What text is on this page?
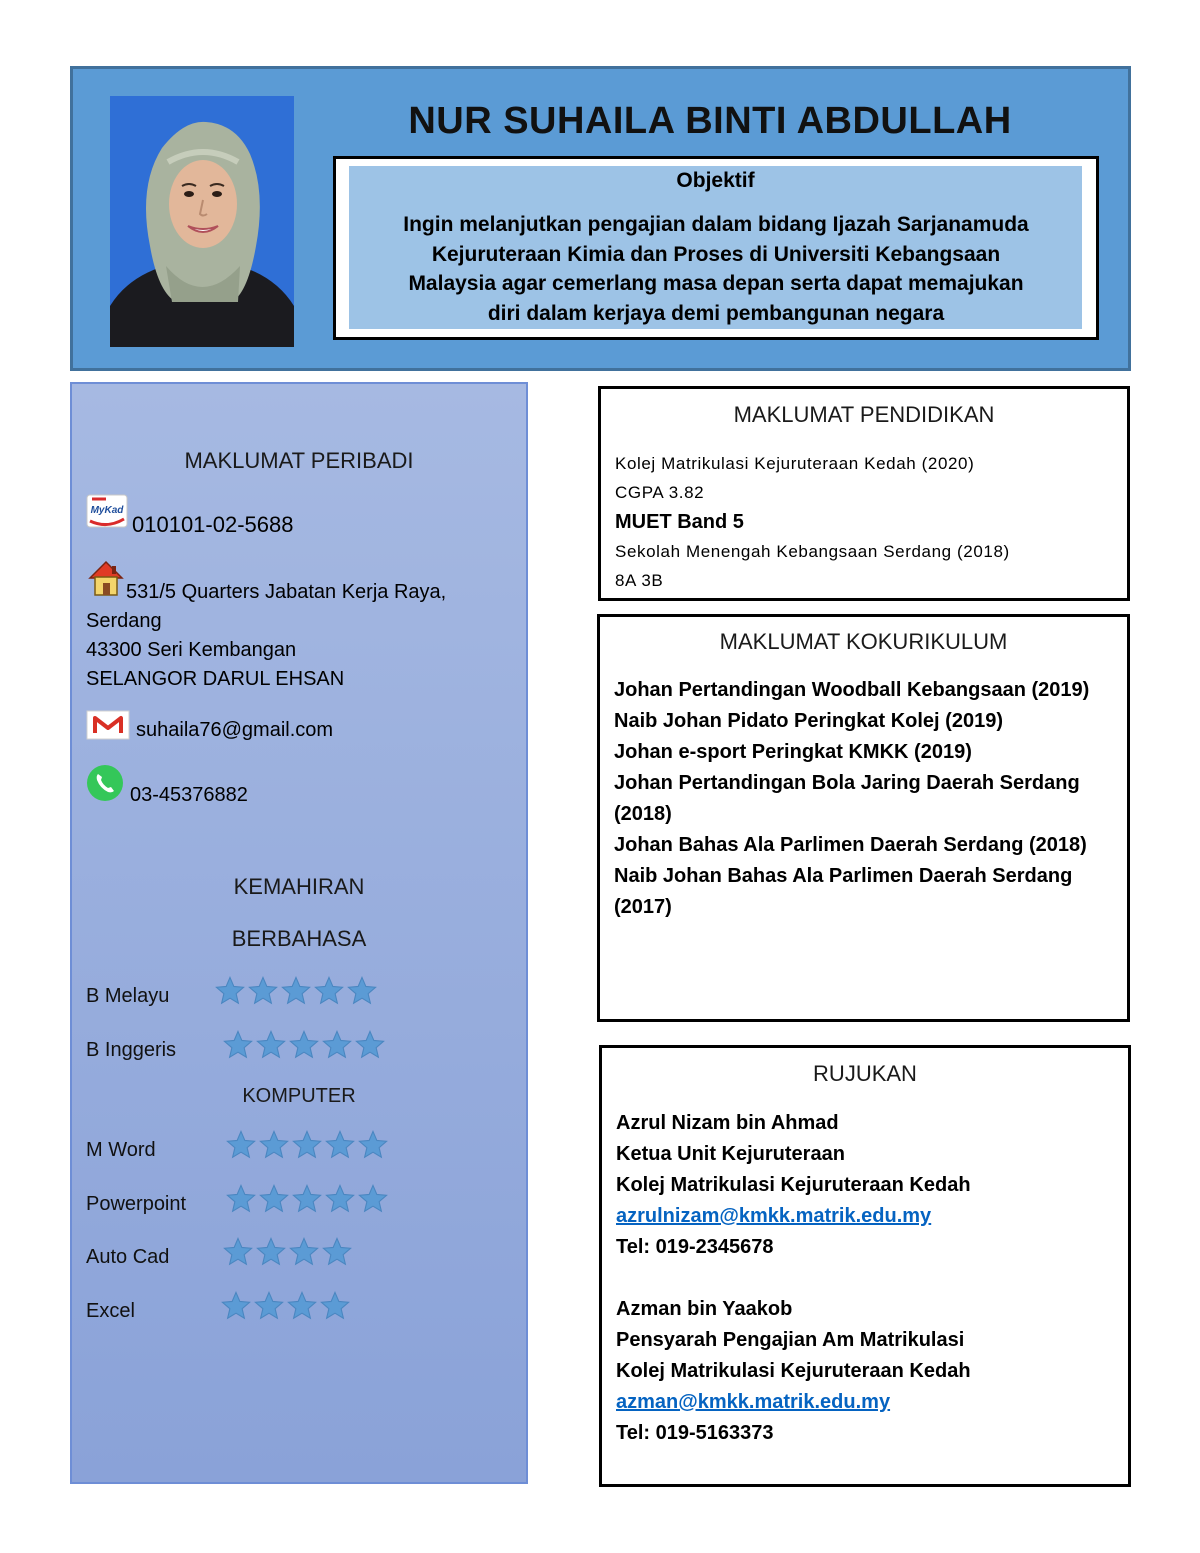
NUR SUHAILA BINTI ABDULLAH
Objektif
Ingin melanjutkan pengajian dalam bidang Ijazah Sarjanamuda
Kejuruteraan Kimia dan Proses di Universiti Kebangsaan
Malaysia agar cemerlang masa depan serta dapat memajukan
diri dalam kerjaya demi pembangunan negara
MAKLUMAT PERIBADI
MyKad
010101-02-5688
531/5 Quarters Jabatan Kerja Raya,
Serdang
43300 Seri Kembangan
SELANGOR DARUL EHSAN
suhaila76@gmail.com
03-45376882
KEMAHIRAN
BERBAHASA
B Melayu
B Inggeris
KOMPUTER
M Word
Powerpoint
Auto Cad
Excel
MAKLUMAT PENDIDIKAN
Kolej Matrikulasi Kejuruteraan Kedah (2020)
CGPA 3.82
MUET Band 5
Sekolah Menengah Kebangsaan Serdang (2018)
8A 3B
MAKLUMAT KOKURIKULUM
Johan Pertandingan Woodball Kebangsaan (2019)
Naib Johan Pidato Peringkat Kolej (2019)
Johan e-sport Peringkat KMKK (2019)
Johan Pertandingan Bola Jaring Daerah Serdang
(2018)
Johan Bahas Ala Parlimen Daerah Serdang (2018)
Naib Johan Bahas Ala Parlimen Daerah Serdang
(2017)
RUJUKAN
Azrul Nizam bin Ahmad
Ketua Unit Kejuruteraan
Kolej Matrikulasi Kejuruteraan Kedah
azrulnizam@kmkk.matrik.edu.my
Tel: 019-2345678
Azman bin Yaakob
Pensyarah Pengajian Am Matrikulasi
Kolej Matrikulasi Kejuruteraan Kedah
azman@kmkk.matrik.edu.my
Tel: 019-5163373
